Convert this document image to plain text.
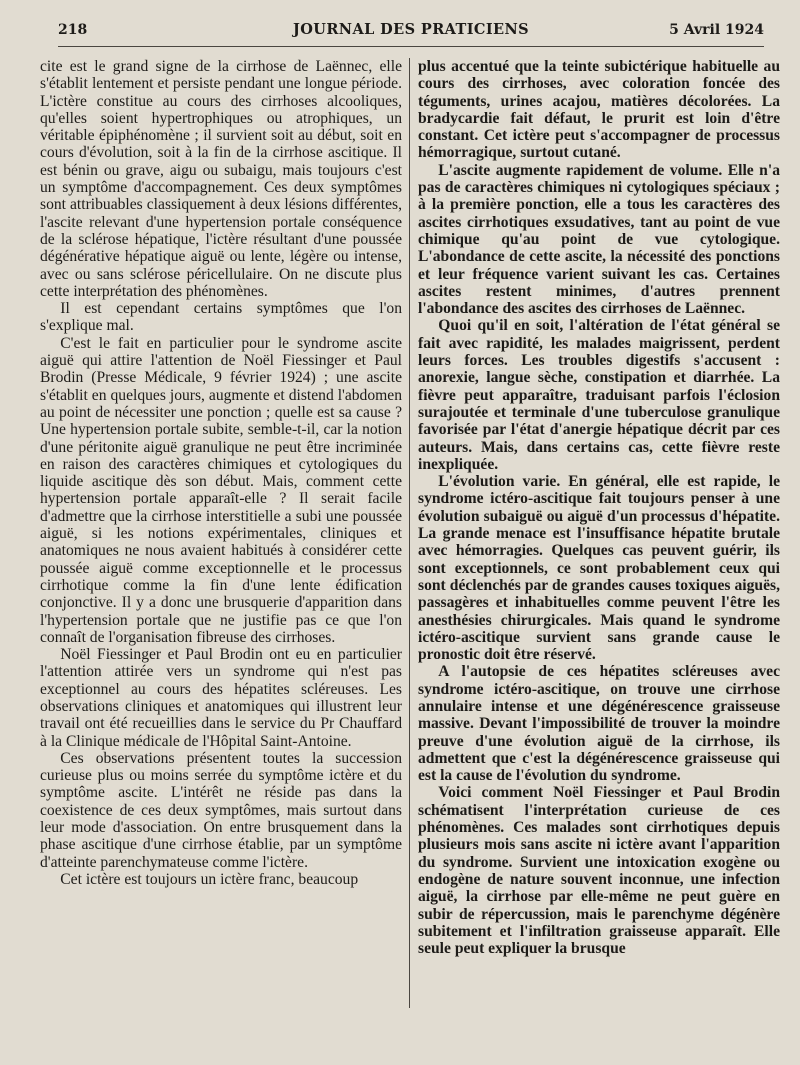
218	JOURNAL DES PRATICIENS	5 Avril 1924

cite est le grand signe de la cirrhose de Laënnec, elle s'établit lentement et persiste pendant une longue période. L'ictère constitue au cours des cirrhoses alcooliques, qu'elles soient hypertrophiques ou atrophiques, un véritable épiphénomène ; il survient soit au début, soit en cours d'évolution, soit à la fin de la cirrhose ascitique. Il est bénin ou grave, aigu ou subaigu, mais toujours c'est un symptôme d'accompagnement. Ces deux symptômes sont attribuables classiquement à deux lésions différentes, l'ascite relevant d'une hypertension portale conséquence de la sclérose hépatique, l'ictère résultant d'une poussée dégénérative hépatique aiguë ou lente, légère ou intense, avec ou sans sclérose péricellulaire. On ne discute plus cette interprétation des phénomènes.

Il est cependant certains symptômes que l'on s'explique mal.

C'est le fait en particulier pour le syndrome ascite aiguë qui attire l'attention de Noël Fiessinger et Paul Brodin (Presse Médicale, 9 février 1924) ; une ascite s'établit en quelques jours, augmente et distend l'abdomen au point de nécessiter une ponction ; quelle est sa cause ? Une hypertension portale subite, semble-t-il, car la notion d'une péritonite aiguë granulique ne peut être incriminée en raison des caractères chimiques et cytologiques du liquide ascitique dès son début. Mais, comment cette hypertension portale apparaît-elle ? Il serait facile d'admettre que la cirrhose interstitielle a subi une poussée aiguë, si les notions expérimentales, cliniques et anatomiques ne nous avaient habitués à considérer cette poussée aiguë comme exceptionnelle et le processus cirrhotique comme la fin d'une lente édification conjonctive. Il y a donc une brusquerie d'apparition dans l'hypertension portale que ne justifie pas ce que l'on connaît de l'organisation fibreuse des cirrhoses.

Noël Fiessinger et Paul Brodin ont eu en particulier l'attention attirée vers un syndrome qui n'est pas exceptionnel au cours des hépatites scléreuses. Les observations cliniques et anatomiques qui illustrent leur travail ont été recueillies dans le service du Pr Chauffard à la Clinique médicale de l'Hôpital Saint-Antoine.

Ces observations présentent toutes la succession curieuse plus ou moins serrée du symptôme ictère et du symptôme ascite. L'intérêt ne réside pas dans la coexistence de ces deux symptômes, mais surtout dans leur mode d'association. On entre brusquement dans la phase ascitique d'une cirrhose établie, par un symptôme d'atteinte parenchymateuse comme l'ictère.

Cet ictère est toujours un ictère franc, beaucoup

plus accentué que la teinte subictérique habituelle au cours des cirrhoses, avec coloration foncée des téguments, urines acajou, matières décolorées. La bradycardie fait défaut, le prurit est loin d'être constant. Cet ictère peut s'accompagner de processus hémorragique, surtout cutané.

L'ascite augmente rapidement de volume. Elle n'a pas de caractères chimiques ni cytologiques spéciaux ; à la première ponction, elle a tous les caractères des ascites cirrhotiques exsudatives, tant au point de vue chimique qu'au point de vue cytologique. L'abondance de cette ascite, la nécessité des ponctions et leur fréquence varient suivant les cas. Certaines ascites restent minimes, d'autres prennent l'abondance des ascites des cirrhoses de Laënnec.

Quoi qu'il en soit, l'altération de l'état général se fait avec rapidité, les malades maigrissent, perdent leurs forces. Les troubles digestifs s'accusent : anorexie, langue sèche, constipation et diarrhée. La fièvre peut apparaître, traduisant parfois l'éclosion surajoutée et terminale d'une tuberculose granulique favorisée par l'état d'anergie hépatique décrit par ces auteurs. Mais, dans certains cas, cette fièvre reste inexpliquée.

L'évolution varie. En général, elle est rapide, le syndrome ictéro-ascitique fait toujours penser à une évolution subaiguë ou aiguë d'un processus d'hépatite. La grande menace est l'insuffisance hépatite brutale avec hémorragies. Quelques cas peuvent guérir, ils sont exceptionnels, ce sont probablement ceux qui sont déclenchés par de grandes causes toxiques aiguës, passagères et inhabituelles comme peuvent l'être les anesthésies chirurgicales. Mais quand le syndrome ictéro-ascitique survient sans grande cause le pronostic doit être réservé.

A l'autopsie de ces hépatites scléreuses avec syndrome ictéro-ascitique, on trouve une cirrhose annulaire intense et une dégénérescence graisseuse massive. Devant l'impossibilité de trouver la moindre preuve d'une évolution aiguë de la cirrhose, ils admettent que c'est la dégénérescence graisseuse qui est la cause de l'évolution du syndrome.

Voici comment Noël Fiessinger et Paul Brodin schématisent l'interprétation curieuse de ces phénomènes. Ces malades sont cirrhotiques depuis plusieurs mois sans ascite ni ictère avant l'apparition du syndrome. Survient une intoxication exogène ou endogène de nature souvent inconnue, une infection aiguë, la cirrhose par elle-même ne peut guère en subir de répercussion, mais le parenchyme dégénère subitement et l'infiltration graisseuse apparaît. Elle seule peut expliquer la brusque
